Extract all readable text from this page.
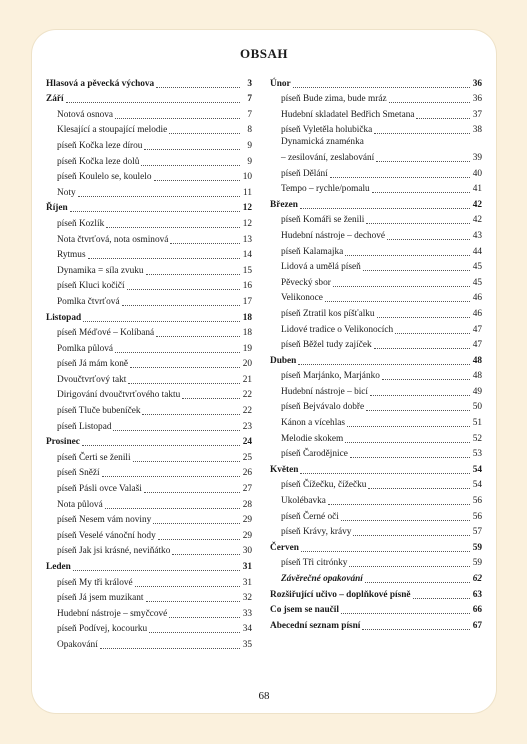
OBSAH
Hlasová a pěvecká výchova	3
Září	7
Notová osnova	7
Klesající a stoupající melodie	8
píseň Kočka leze dírou	9
píseň Kočka leze dolů	9
píseň Koulelo se, koulelo	10
Noty	11
Říjen	12
píseň Kozlík	12
Nota čtvrťová, nota osminová	13
Rytmus	14
Dynamika = síla zvuku	15
píseň Kluci kočičí	16
Pomlka čtvrťová	17
Listopad	18
píseň Méďové – Kolíbaná	18
Pomlka půlová	19
píseň Já mám koně	20
Dvoučtvrťový takt	21
Dirigování dvoučtvrťového taktu	22
píseň Tluče bubeníček	22
píseň Listopad	23
Prosinec	24
píseň Čerti se ženili	25
píseň Sněží	26
píseň Pásli ovce Valaši	27
Nota půlová	28
píseň Nesem vám noviny	29
píseň Veselé vánoční hody	29
píseň Jak jsi krásné, neviňátko	30
Leden	31
píseň My tři králové	31
píseň Já jsem muzikant	32
Hudební nástroje – smyčcové	33
píseň Podívej, kocourku	34
Opakování	35
Únor	36
píseň Bude zima, bude mráz	36
Hudební skladatel Bedřich Smetana	37
píseň Vyletěla holubička	38
Dynamická znaménka
– zesilování, zeslabování	39
píseň Dělání	40
Tempo – rychle/pomalu	41
Březen	42
píseň Komáři se ženili	42
Hudební nástroje – dechové	43
píseň Kalamajka	44
Lidová a umělá píseň	45
Pěvecký sbor	45
Velikonoce	46
píseň Ztratil kos píšťalku	46
Lidové tradice o Velikonocích	47
píseň Běžel tudy zajíček	47
Duben	48
píseň Marjánko, Marjánko	48
Hudební nástroje – bicí	49
píseň Bejvávalo dobře	50
Kánon a vícehlas	51
Melodie skokem	52
píseň Čarodějnice	53
Květen	54
píseň Čížečku, čížečku	54
Ukolébavka	56
píseň Černé oči	56
píseň Krávy, krávy	57
Červen	59
píseň Tři citrónky	59
Závěrečné opakování	62
Rozšiřující učivo – doplňkové písně	63
Co jsem se naučil	66
Abecední seznam písní	67
68
